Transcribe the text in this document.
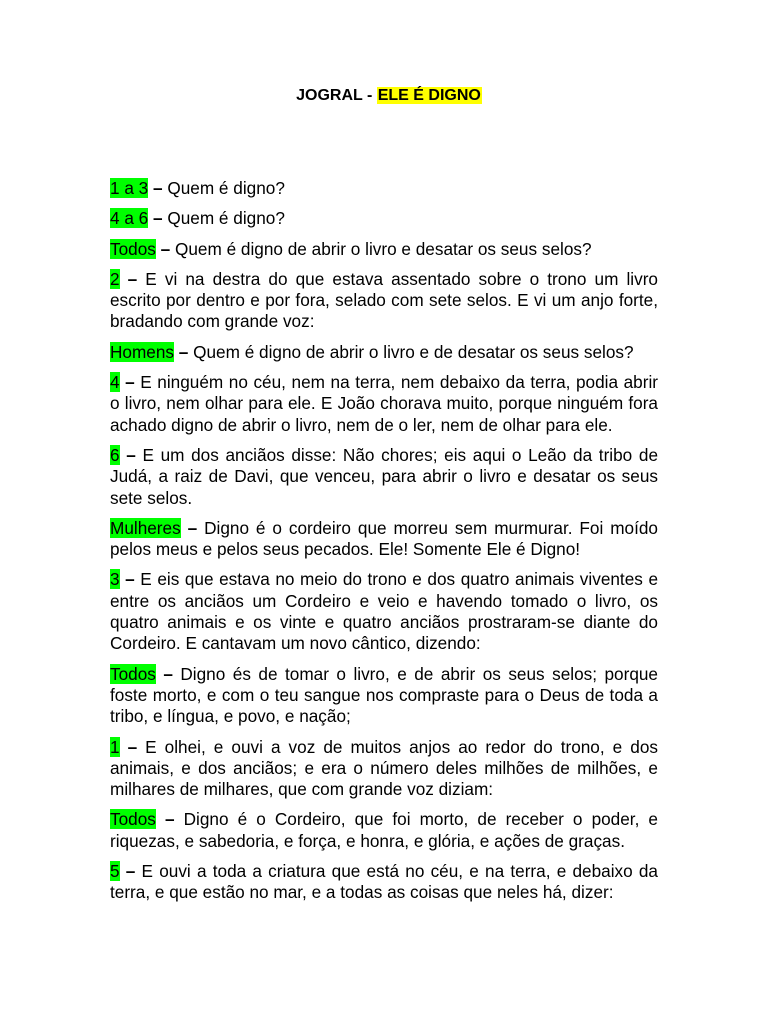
JOGRAL - ELE É DIGNO

1 a 3 – Quem é digno?

4 a 6 – Quem é digno?

Todos – Quem é digno de abrir o livro e desatar os seus selos?

2 – E vi na destra do que estava assentado sobre o trono um livro escrito por dentro e por fora, selado com sete selos. E vi um anjo forte, bradando com grande voz:

Homens – Quem é digno de abrir o livro e de desatar os seus selos?

4 – E ninguém no céu, nem na terra, nem debaixo da terra, podia abrir o livro, nem olhar para ele. E João chorava muito, porque ninguém fora achado digno de abrir o livro, nem de o ler, nem de olhar para ele.

6 – E um dos anciãos disse: Não chores; eis aqui o Leão da tribo de Judá, a raiz de Davi, que venceu, para abrir o livro e desatar os seus sete selos.

Mulheres – Digno é o cordeiro que morreu sem murmurar. Foi moído pelos meus e pelos seus pecados. Ele! Somente Ele é Digno!

3 – E eis que estava no meio do trono e dos quatro animais viventes e entre os anciãos um Cordeiro e veio e havendo tomado o livro, os quatro animais e os vinte e quatro anciãos prostraram-se diante do Cordeiro. E cantavam um novo cântico, dizendo:

Todos – Digno és de tomar o livro, e de abrir os seus selos; porque foste morto, e com o teu sangue nos compraste para o Deus de toda a tribo, e língua, e povo, e nação;

1 – E olhei, e ouvi a voz de muitos anjos ao redor do trono, e dos animais, e dos anciãos; e era o número deles milhões de milhões, e milhares de milhares, que com grande voz diziam:

Todos – Digno é o Cordeiro, que foi morto, de receber o poder, e riquezas, e sabedoria, e força, e honra, e glória, e ações de graças.

5 – E ouvi a toda a criatura que está no céu, e na terra, e debaixo da terra, e que estão no mar, e a todas as coisas que neles há, dizer:
